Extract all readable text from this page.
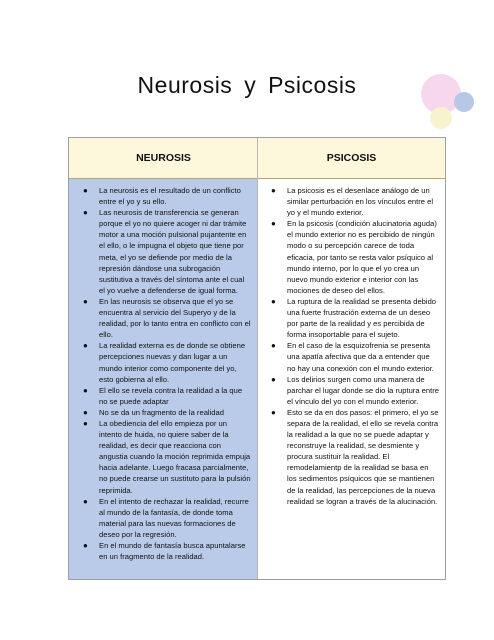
Neurosis y Psicosis
NEUROSIS	PSICOSIS
● La neurosis es el resultado de un conflicto entre el yo y su ello.
● Las neurosis de transferencia se generan porque el yo no quiere acoger ni dar trámite motor a una moción pulsional pujantente en el ello, o le impugna el objeto que tiene por meta, el yo se defiende por medio de la represión dándose una subrogación sustitutiva a través del síntoma ante el cual el yo vuelve a defenderse de igual forma.
● En las neurosis se observa que el yo se encuentra al servicio del Superyo y de la realidad, por lo tanto entra en conflicto con el ello.
● La realidad externa es de donde se obtiene percepciones nuevas y dan lugar a un mundo interior como componente del yo, esto gobierna al ello.
● El ello se revela contra la realidad a la que no se puede adaptar
● No se da un fragmento de la realidad
● La obediencia del ello empieza por un intento de huida, no quiere saber de la realidad, es decir que reacciona con angustia cuando la moción reprimida empuja hacia adelante. Luego fracasa parcialmente, no puede crearse un sustituto para la pulsión reprimida.
● En el intento de rechazar la realidad, recurre al mundo de la fantasía, de donde toma material para las nuevas formaciones de deseo por la regresión.
● En el mundo de fantasía busca apuntalarse en un fragmento de la realidad.
● La psicosis es el desenlace análogo de un similar perturbación en los vínculos entre el yo y el mundo exterior.
● En la psicosis (condición alucinatoria aguda) el mundo exterior no es percibido de ningún modo o su percepción carece de toda eficacia, por tanto se resta valor psíquico al mundo interno, por lo que el yo crea un nuevo mundo exterior e interior con las mociones de deseo del ellos.
● La ruptura de la realidad se presenta debido una fuerte frustración externa de un deseo por parte de la realidad y es percibida de forma insoportable para el sujeto.
● En el caso de la esquizofrenia se presenta una apatía afectiva que da a entender que no hay una conexión con el mundo exterior.
● Los delirios surgen como una manera de parchar el lugar donde se dio la ruptura entre el vínculo del yo con el mundo exterior.
● Esto se da en dos pasos: el primero, el yo se separa de la realidad, el ello se revela contra la realidad a la que no se puede adaptar y reconstruye la realidad, se desmiente y procura sustituir la realidad. El remodelamientp de la realidad se basa en los sedimentos psíquicos que se mantienen de la realidad, las percepciones de la nueva realidad se logran a través de la alucinación.
